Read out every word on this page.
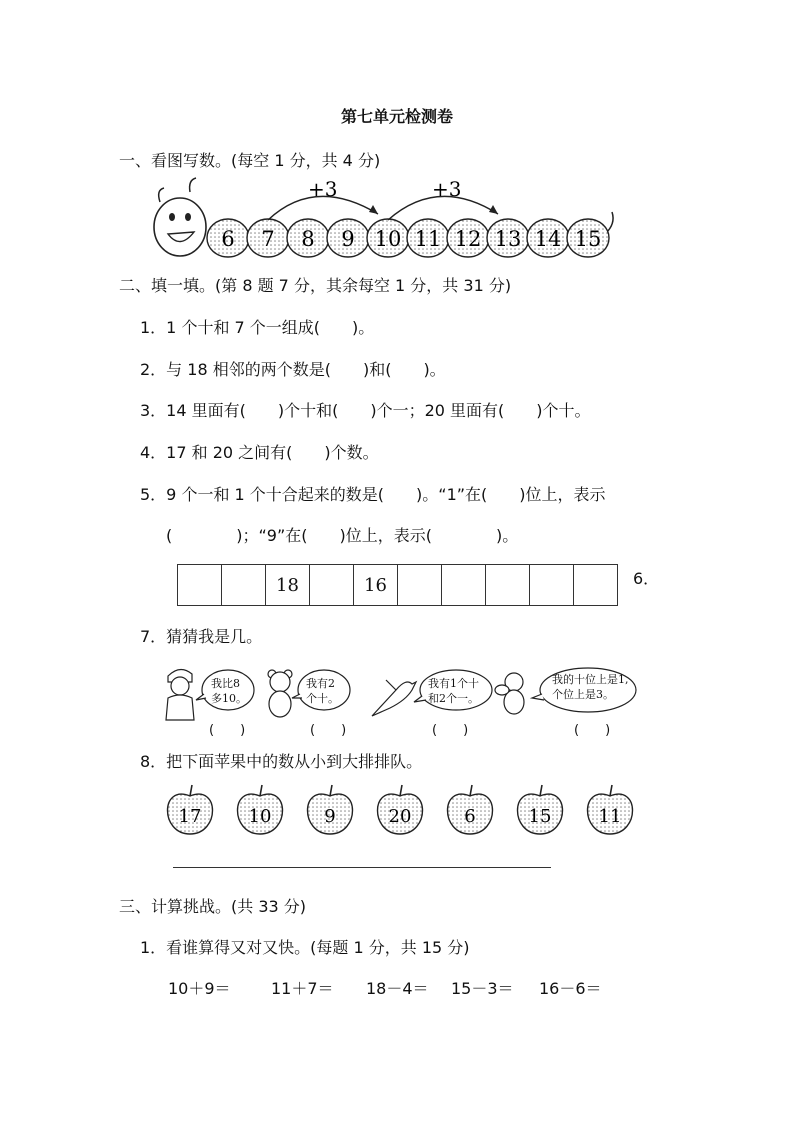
第七单元检测卷
一、看图写数。(每空 1 分，共 4 分)
6 7 8 9 10 11 12 13 14 15
+3	+3
二、填一填。(第 8 题 7 分，其余每空 1 分，共 31 分)
1．1 个十和 7 个一组成(　　)。
2．与 18 相邻的两个数是(　　)和(　　)。
3．14 里面有(　　)个十和(　　)个一；20 里面有(　　)个十。
4．17 和 20 之间有(　　)个数。
5．9 个一和 1 个十合起来的数是(　　)。“1”在(　　)位上，表示
(　　　　)；“9”在(　　)位上，表示(　　　　)。
		18		16						6．
7．猜猜我是几。
我比8
多10。
我有2
个十。
我有1个十
和2个一。
我的十位上是1,
个位上是3。
(　　)	(　　)	(　　)	(　　)
8．把下面苹果中的数从小到大排排队。
17	10	9	20	6	15	11
三、计算挑战。(共 33 分)
1．看谁算得又对又快。(每题 1 分，共 15 分)
10＋9＝	11＋7＝ 18－4＝ 15－3＝ 16－6＝
